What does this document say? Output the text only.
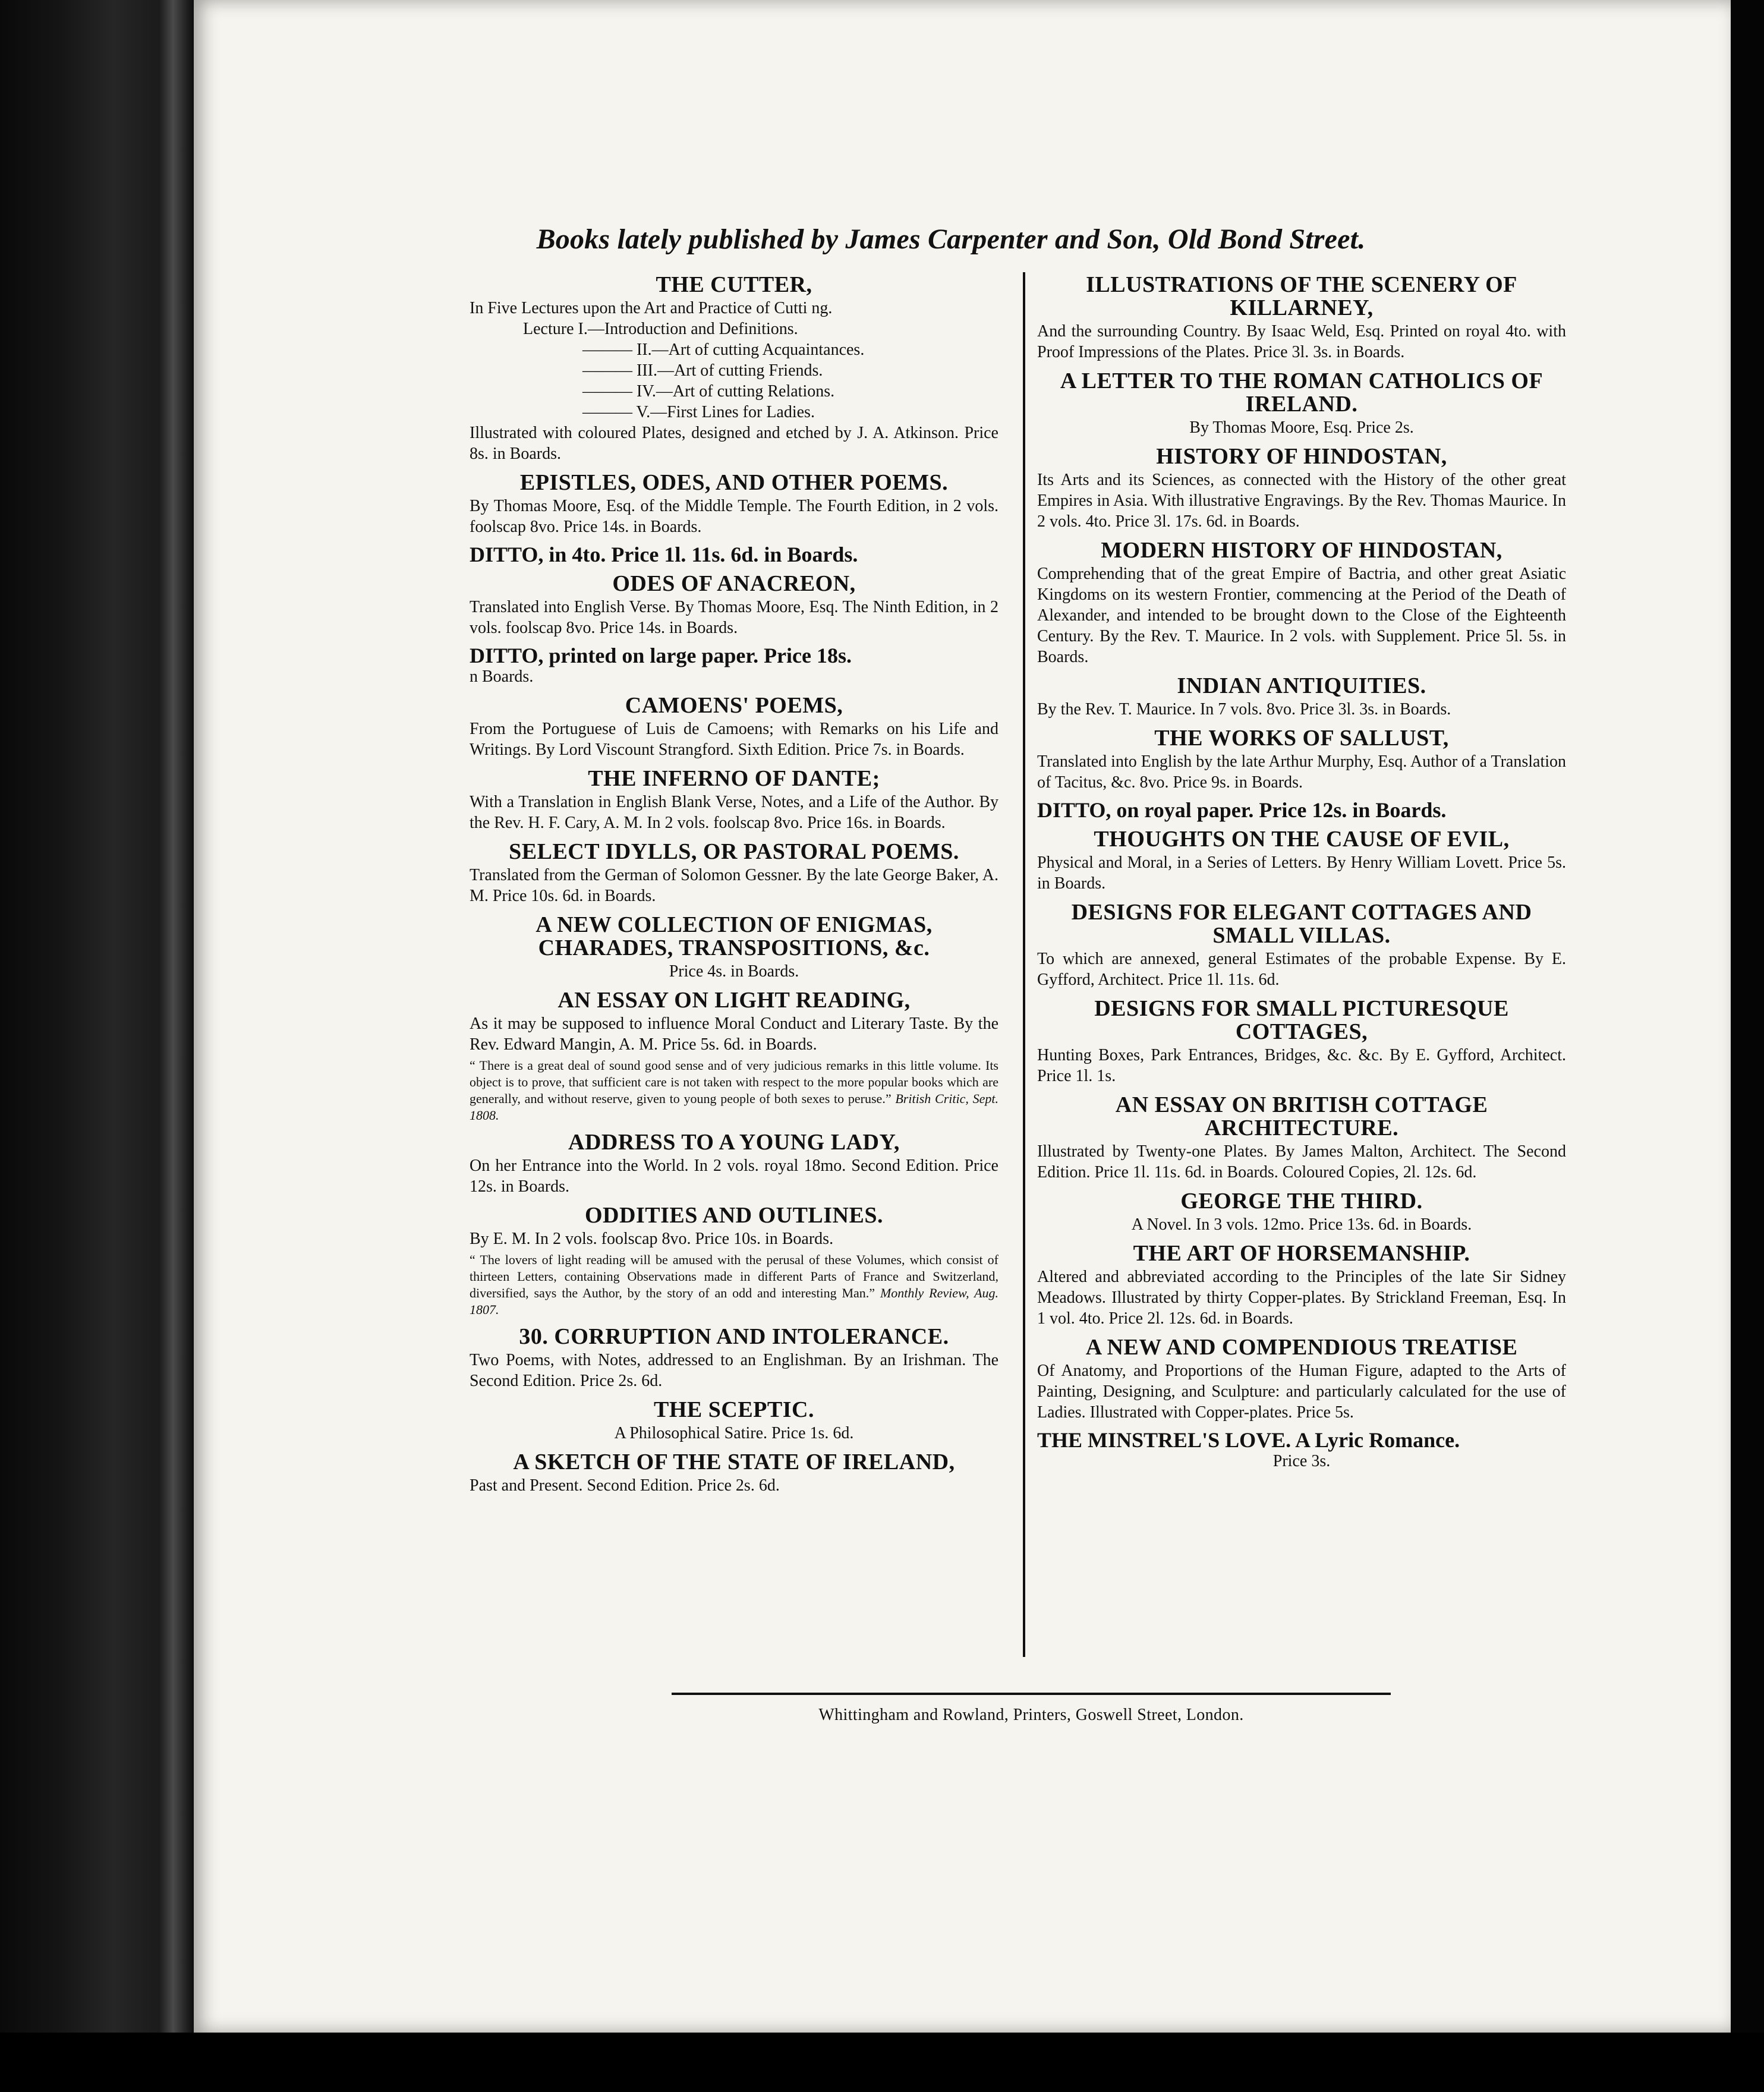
Books lately published by James Carpenter and Son, Old Bond Street.
THE CUTTER,
In Five Lectures upon the Art and Practice of Cutti ng.
Lecture I.—Introduction and Definitions.
——— II.—Art of cutting Acquaintances.
——— III.—Art of cutting Friends.
——— IV.—Art of cutting Relations.
——— V.—First Lines for Ladies.
Illustrated with coloured Plates, designed and etched by J. A. Atkinson. Price 8s. in Boards.
EPISTLES, ODES, AND OTHER POEMS.
By Thomas Moore, Esq. of the Middle Temple. The Fourth Edition, in 2 vols. foolscap 8vo. Price 14s. in Boards.
DITTO, in 4to. Price 1l. 11s. 6d. in Boards.
ODES OF ANACREON,
Translated into English Verse. By Thomas Moore, Esq. The Ninth Edition, in 2 vols. foolscap 8vo. Price 14s. in Boards.
DITTO, printed on large paper. Price 18s.
n Boards.
CAMOENS' POEMS,
From the Portuguese of Luis de Camoens; with Remarks on his Life and Writings. By Lord Viscount Strangford. Sixth Edition. Price 7s. in Boards.
THE INFERNO OF DANTE;
With a Translation in English Blank Verse, Notes, and a Life of the Author. By the Rev. H. F. Cary, A. M. In 2 vols. foolscap 8vo. Price 16s. in Boards.
SELECT IDYLLS, OR PASTORAL POEMS.
Translated from the German of Solomon Gessner. By the late George Baker, A. M. Price 10s. 6d. in Boards.
A NEW COLLECTION OF ENIGMAS, CHARADES, TRANSPOSITIONS, &c.
Price 4s. in Boards.
AN ESSAY ON LIGHT READING,
As it may be supposed to influence Moral Conduct and Literary Taste. By the Rev. Edward Mangin, A. M. Price 5s. 6d. in Boards.
“ There is a great deal of sound good sense and of very judicious remarks in this little volume. Its object is to prove, that sufficient care is not taken with respect to the more popular books which are generally, and without reserve, given to young people of both sexes to peruse.” British Critic, Sept. 1808.
ADDRESS TO A YOUNG LADY,
On her Entrance into the World. In 2 vols. royal 18mo. Second Edition. Price 12s. in Boards.
ODDITIES AND OUTLINES.
By E. M. In 2 vols. foolscap 8vo. Price 10s. in Boards.
“ The lovers of light reading will be amused with the perusal of these Volumes, which consist of thirteen Letters, containing Observations made in different Parts of France and Switzerland, diversified, says the Author, by the story of an odd and interesting Man.” Monthly Review, Aug. 1807.
30. CORRUPTION AND INTOLERANCE.
Two Poems, with Notes, addressed to an Englishman. By an Irishman. The Second Edition. Price 2s. 6d.
THE SCEPTIC.
A Philosophical Satire. Price 1s. 6d.
A SKETCH OF THE STATE OF IRELAND,
Past and Present. Second Edition. Price 2s. 6d.
ILLUSTRATIONS OF THE SCENERY OF KILLARNEY,
And the surrounding Country. By Isaac Weld, Esq. Printed on royal 4to. with Proof Impressions of the Plates. Price 3l. 3s. in Boards.
A LETTER TO THE ROMAN CATHOLICS OF IRELAND.
By Thomas Moore, Esq. Price 2s.
HISTORY OF HINDOSTAN,
Its Arts and its Sciences, as connected with the History of the other great Empires in Asia. With illustrative Engravings. By the Rev. Thomas Maurice. In 2 vols. 4to. Price 3l. 17s. 6d. in Boards.
MODERN HISTORY OF HINDOSTAN,
Comprehending that of the great Empire of Bactria, and other great Asiatic Kingdoms on its western Frontier, commencing at the Period of the Death of Alexander, and intended to be brought down to the Close of the Eighteenth Century. By the Rev. T. Maurice. In 2 vols. with Supplement. Price 5l. 5s. in Boards.
INDIAN ANTIQUITIES.
By the Rev. T. Maurice. In 7 vols. 8vo. Price 3l. 3s. in Boards.
THE WORKS OF SALLUST,
Translated into English by the late Arthur Murphy, Esq. Author of a Translation of Tacitus, &c. 8vo. Price 9s. in Boards.
DITTO, on royal paper. Price 12s. in Boards.
THOUGHTS ON THE CAUSE OF EVIL,
Physical and Moral, in a Series of Letters. By Henry William Lovett. Price 5s. in Boards.
DESIGNS FOR ELEGANT COTTAGES AND SMALL VILLAS.
To which are annexed, general Estimates of the probable Expense. By E. Gyfford, Architect. Price 1l. 11s. 6d.
DESIGNS FOR SMALL PICTURESQUE COTTAGES,
Hunting Boxes, Park Entrances, Bridges, &c. &c. By E. Gyfford, Architect. Price 1l. 1s.
AN ESSAY ON BRITISH COTTAGE ARCHITECTURE.
Illustrated by Twenty-one Plates. By James Malton, Architect. The Second Edition. Price 1l. 11s. 6d. in Boards. Coloured Copies, 2l. 12s. 6d.
GEORGE THE THIRD.
A Novel. In 3 vols. 12mo. Price 13s. 6d. in Boards.
THE ART OF HORSEMANSHIP.
Altered and abbreviated according to the Principles of the late Sir Sidney Meadows. Illustrated by thirty Copper-plates. By Strickland Freeman, Esq. In 1 vol. 4to. Price 2l. 12s. 6d. in Boards.
A NEW AND COMPENDIOUS TREATISE
Of Anatomy, and Proportions of the Human Figure, adapted to the Arts of Painting, Designing, and Sculpture: and particularly calculated for the use of Ladies. Illustrated with Copper-plates. Price 5s.
THE MINSTREL'S LOVE. A Lyric Romance.
Price 3s.
Whittingham and Rowland, Printers, Goswell Street, London.
